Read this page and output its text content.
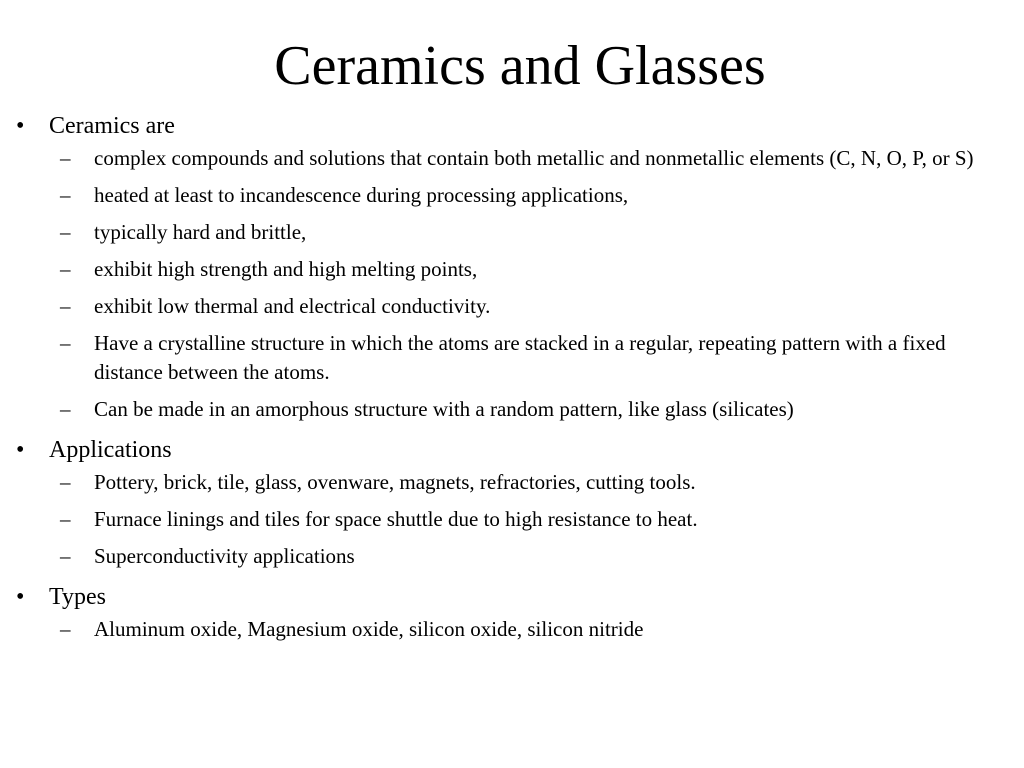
Ceramics and Glasses
•	Ceramics are
–	complex compounds and solutions that contain both metallic and nonmetallic elements (C, N, O, P, or S)
–	heated at least to incandescence during processing applications,
–	typically hard and brittle,
–	exhibit high strength and high melting points,
–	exhibit low thermal and electrical conductivity.
–	Have a crystalline structure in which the atoms are stacked in a regular, repeating pattern with a fixed distance between the atoms.
–	Can be made in an amorphous structure with a random pattern, like glass (silicates)
•	Applications
–	Pottery, brick, tile, glass, ovenware, magnets, refractories, cutting tools.
–	Furnace linings and tiles for space shuttle due to high resistance to heat.
–	Superconductivity applications
•	Types
–	Aluminum oxide, Magnesium oxide, silicon oxide, silicon nitride
